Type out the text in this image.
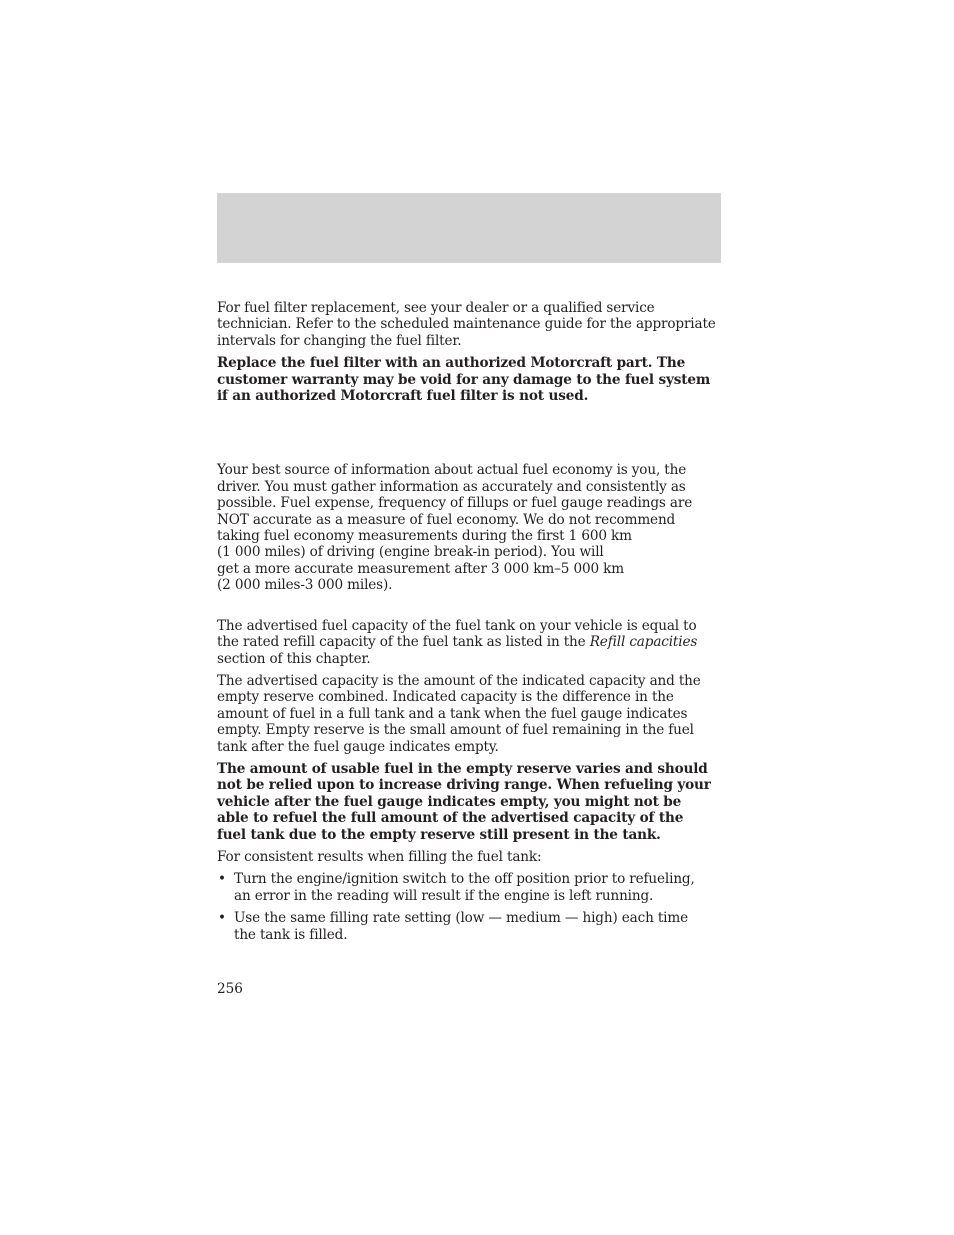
For fuel filter replacement, see your dealer or a qualified service
technician. Refer to the scheduled maintenance guide for the appropriate
intervals for changing the fuel filter.

Replace the fuel filter with an authorized Motorcraft part. The
customer warranty may be void for any damage to the fuel system
if an authorized Motorcraft fuel filter is not used.

Your best source of information about actual fuel economy is you, the
driver. You must gather information as accurately and consistently as
possible. Fuel expense, frequency of fillups or fuel gauge readings are
NOT accurate as a measure of fuel economy. We do not recommend
taking fuel economy measurements during the first 1 600 km
(1 000 miles) of driving (engine break-in period). You will
get a more accurate measurement after 3 000 km–5 000 km
(2 000 miles-3 000 miles).

The advertised fuel capacity of the fuel tank on your vehicle is equal to
the rated refill capacity of the fuel tank as listed in the Refill capacities
section of this chapter.

The advertised capacity is the amount of the indicated capacity and the
empty reserve combined. Indicated capacity is the difference in the
amount of fuel in a full tank and a tank when the fuel gauge indicates
empty. Empty reserve is the small amount of fuel remaining in the fuel
tank after the fuel gauge indicates empty.

The amount of usable fuel in the empty reserve varies and should
not be relied upon to increase driving range. When refueling your
vehicle after the fuel gauge indicates empty, you might not be
able to refuel the full amount of the advertised capacity of the
fuel tank due to the empty reserve still present in the tank.

For consistent results when filling the fuel tank:

• Turn the engine/ignition switch to the off position prior to refueling,
an error in the reading will result if the engine is left running.
• Use the same filling rate setting (low — medium — high) each time
the tank is filled.
256
